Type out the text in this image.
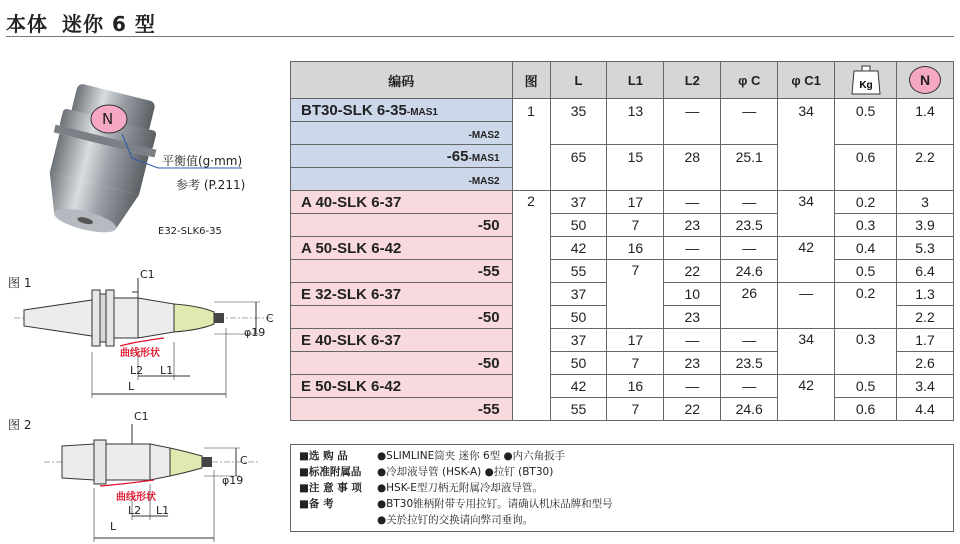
本体 迷你 6 型
N
平衡值(g·mm)
参考 (P.211)
E32-SLK6-35
图 1
C1
C
φ19
曲线形状
L2 L1
L
图 2
C1
C
φ19
曲线形状
L2 L1
L
编码	图	L	L1	L2	φ C	φ C1	Kg	N
BT30-SLK 6-35-MAS1	1	35	13	—	—	34	0.5	1.4
-MAS2								
-65-MAS1		65	15	28	25.1		0.6	2.2
-MAS2								
A 40-SLK 6-37	2	37	17	—	—	34	0.2	3
-50		50	7	23	23.5		0.3	3.9
A 50-SLK 6-42		42	16	—	—	42	0.4	5.3
-55		55	7	22	24.6		0.5	6.4
E 32-SLK 6-37		37		10	26	—	0.2	1.3
-50		50		23				2.2
E 40-SLK 6-37		37	17	—	—	34	0.3	1.7
-50		50	7	23	23.5			2.6
E 50-SLK 6-42		42	16	—	—	42	0.5	3.4
-55		55	7	22	24.6		0.6	4.4
■选 购 品	●SLIMLINE筒夹 迷你 6型 ●内六角扳手
■标准附属品 ●冷却液导管 (HSK-A) ●拉钉 (BT30)
■注 意 事 项 ●HSK-E型刀柄无附属冷却液导管。
■备 考	●BT30锥柄附带专用拉钉。请确认机床品牌和型号
●关於拉钉的交换请向弊司垂询。
